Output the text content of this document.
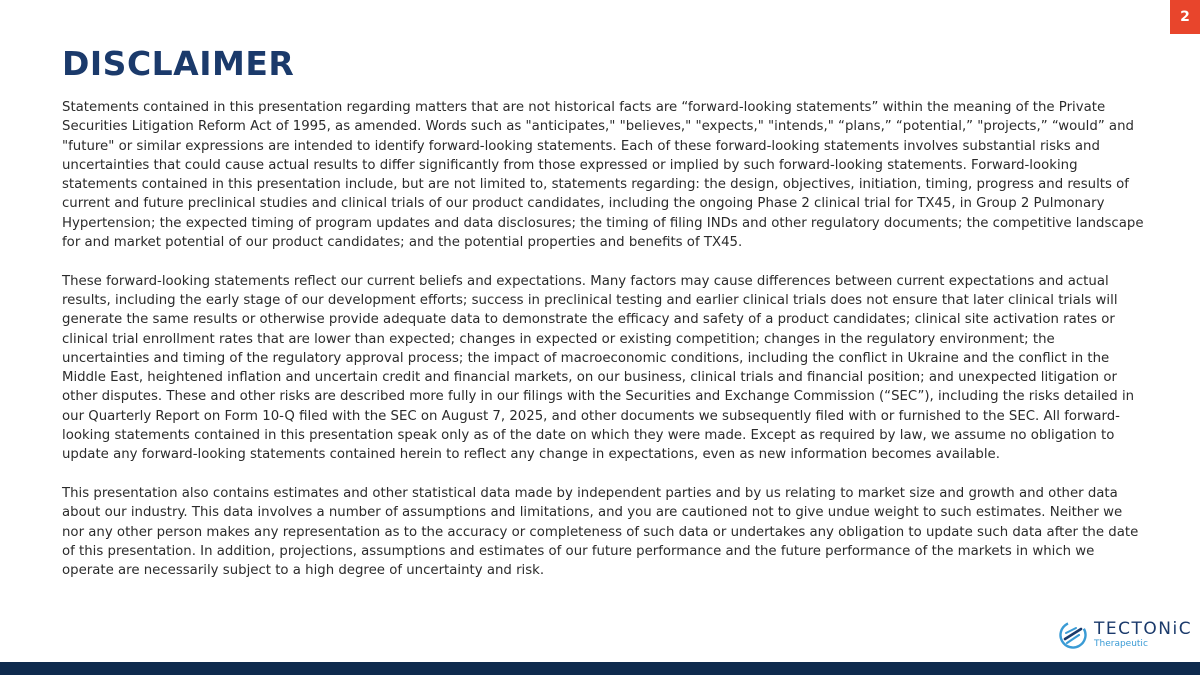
2
DISCLAIMER

Statements contained in this presentation regarding matters that are not historical facts are “forward-looking statements” within the meaning of the Private Securities Litigation Reform Act of 1995, as amended. Words such as "anticipates," "believes," "expects," "intends," “plans,” “potential,” "projects,” “would” and "future" or similar expressions are intended to identify forward-looking statements. Each of these forward-looking statements involves substantial risks and uncertainties that could cause actual results to differ significantly from those expressed or implied by such forward-looking statements. Forward-looking statements contained in this presentation include, but are not limited to, statements regarding: the design, objectives, initiation, timing, progress and results of current and future preclinical studies and clinical trials of our product candidates, including the ongoing Phase 2 clinical trial for TX45, in Group 2 Pulmonary Hypertension; the expected timing of program updates and data disclosures; the timing of filing INDs and other regulatory documents; the competitive landscape for and market potential of our product candidates; and the potential properties and benefits of TX45.

These forward-looking statements reflect our current beliefs and expectations. Many factors may cause differences between current expectations and actual results, including the early stage of our development efforts; success in preclinical testing and earlier clinical trials does not ensure that later clinical trials will generate the same results or otherwise provide adequate data to demonstrate the efficacy and safety of a product candidates; clinical site activation rates or clinical trial enrollment rates that are lower than expected; changes in expected or existing competition; changes in the regulatory environment; the uncertainties and timing of the regulatory approval process; the impact of macroeconomic conditions, including the conflict in Ukraine and the conflict in the Middle East, heightened inflation and uncertain credit and financial markets, on our business, clinical trials and financial position; and unexpected litigation or other disputes. These and other risks are described more fully in our filings with the Securities and Exchange Commission (“SEC”), including the risks detailed in our Quarterly Report on Form 10-Q filed with the SEC on August 7, 2025, and other documents we subsequently filed with or furnished to the SEC. All forward-looking statements contained in this presentation speak only as of the date on which they were made. Except as required by law, we assume no obligation to update any forward-looking statements contained herein to reflect any change in expectations, even as new information becomes available.

This presentation also contains estimates and other statistical data made by independent parties and by us relating to market size and growth and other data about our industry. This data involves a number of assumptions and limitations, and you are cautioned not to give undue weight to such estimates. Neither we nor any other person makes any representation as to the accuracy or completeness of such data or undertakes any obligation to update such data after the date of this presentation. In addition, projections, assumptions and estimates of our future performance and the future performance of the markets in which we operate are necessarily subject to a high degree of uncertainty and risk.

TECTONiC
Therapeutic
